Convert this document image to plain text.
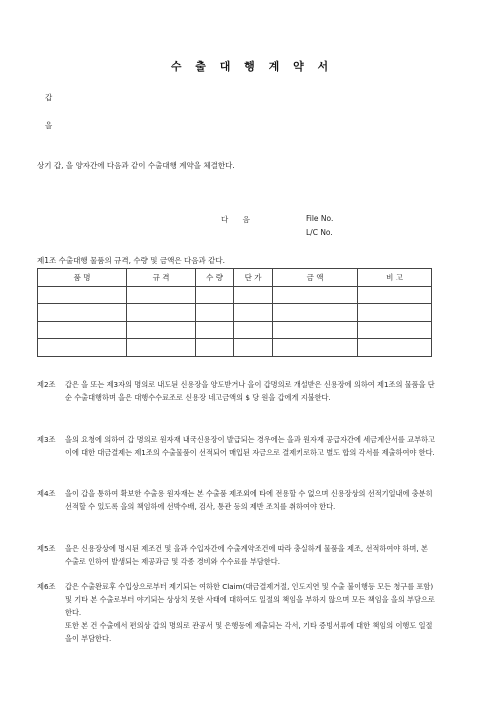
수 출 대 행 계 약 서
갑
을
상기 갑, 을 양자간에 다음과 같이 수출대행 계약을 체결한다.
다 음	File No.
L/C No.
제1조 수출대행 물품의 규격, 수량 및 금액은 다음과 같다.
품 명	규 격	수 량	단 가	금 액	비 고

제2조 갑은 을 또는 제3자의 명의로 내도된 신용장을 양도받거나 을이 갑명의로 개설받은 신용장에 의하여 제1조의 물품을 단순 수출대행하며 을은 대행수수료조로 신용장 네고금액의 $ 당 원을 갑에게 지불한다.

제3조 을의 요청에 의하여 갑 명의로 원자재 내국신용장이 발급되는 경우에는 을과 원자재 공급자간에 세금계산서를 교부하고 이에 대한 대금결제는 제1조의 수출물품이 선적되어 매입된 자금으로 결제키로하고 별도 합의 각서를 제출하여야 한다.

제4조 을이 갑을 통하여 확보한 수출용 원자재는 본 수출품 제조외에 타에 전용할 수 없으며 신용장상의 선적기일내에 충분히 선적할 수 있도록 을의 책임하에 선박수배, 검사, 통관 등의 제반 조치를 취하여야 한다.

제5조 을은 신용장상에 명시된 제조건 및 을과 수입자간에 수출계약조건에 따라 충실하게 물품을 제조, 선적하여야 하며, 본 수출로 인하여 발생되는 제공과금 및 각종 경비와 수수료를 부담한다.

제6조 갑은 수출완료후 수입상으로부터 제기되는 여하한 Claim(대금결제거절, 인도지연 및 수출 불이행등 모든 청구를 포함) 및 기타 본 수출로부터 야기되는 상상치 못한 사태에 대하여도 일절의 책임을 부하지 않으며 모든 책임을 을의 부담으로 한다.

또한 본 건 수출에서 편의상 갑의 명의로 관공서 및 은행등에 제출되는 각서, 기타 증빙서류에 대한 책임의 이행도 일절 을이 부담한다.
